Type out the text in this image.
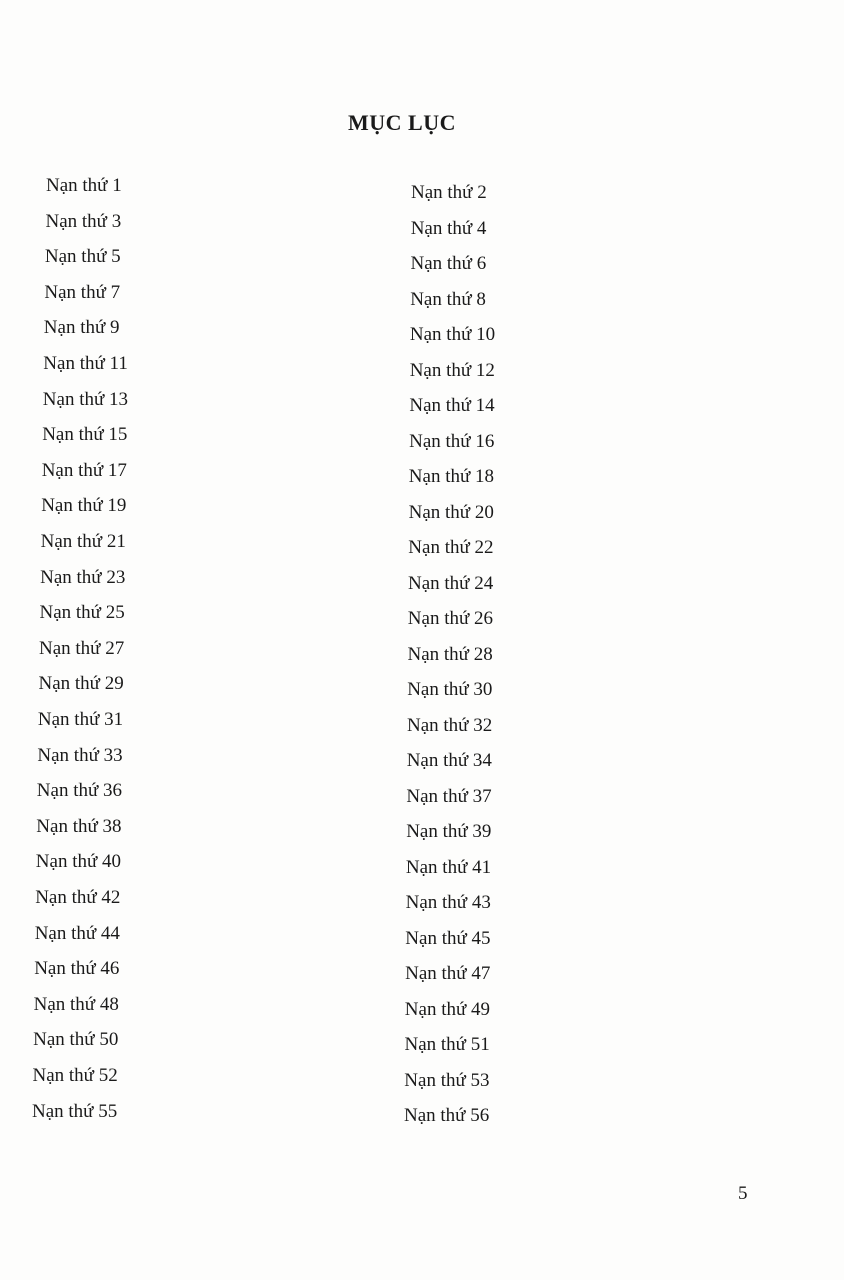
MỤC LỤC
Nạn thứ 1
Nạn thứ 3
Nạn thứ 5
Nạn thứ 7
Nạn thứ 9
Nạn thứ 11
Nạn thứ 13
Nạn thứ 15
Nạn thứ 17
Nạn thứ 19
Nạn thứ 21
Nạn thứ 23
Nạn thứ 25
Nạn thứ 27
Nạn thứ 29
Nạn thứ 31
Nạn thứ 33
Nạn thứ 36
Nạn thứ 38
Nạn thứ 40
Nạn thứ 42
Nạn thứ 44
Nạn thứ 46
Nạn thứ 48
Nạn thứ 50
Nạn thứ 52
Nạn thứ 55
Nạn thứ 2
Nạn thứ 4
Nạn thứ 6
Nạn thứ 8
Nạn thứ 10
Nạn thứ 12
Nạn thứ 14
Nạn thứ 16
Nạn thứ 18
Nạn thứ 20
Nạn thứ 22
Nạn thứ 24
Nạn thứ 26
Nạn thứ 28
Nạn thứ 30
Nạn thứ 32
Nạn thứ 34
Nạn thứ 37
Nạn thứ 39
Nạn thứ 41
Nạn thứ 43
Nạn thứ 45
Nạn thứ 47
Nạn thứ 49
Nạn thứ 51
Nạn thứ 53
Nạn thứ 56
5
